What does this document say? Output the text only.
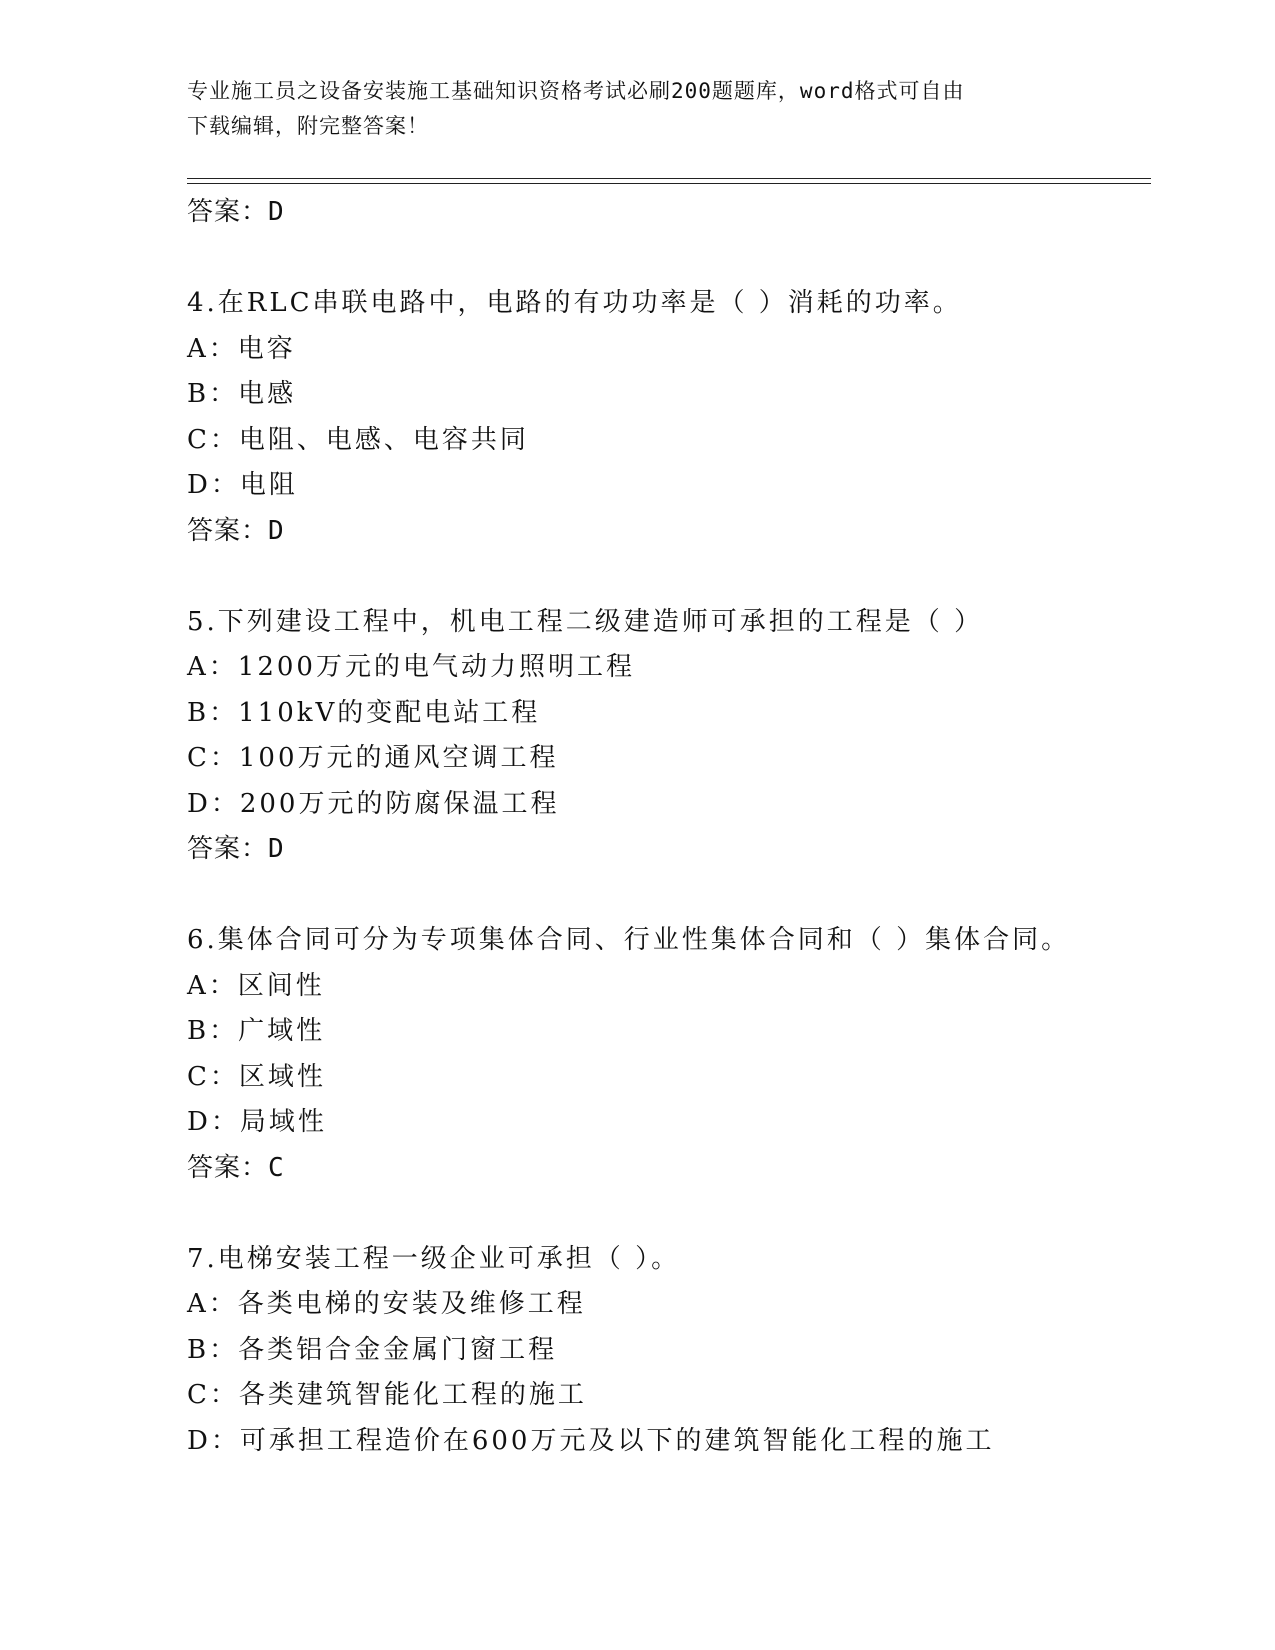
专业施工员之设备安装施工基础知识资格考试必刷200题题库，word格式可自由
下载编辑，附完整答案！
答案：D
4.在RLC串联电路中，电路的有功功率是（ ）消耗的功率。
A：电容
B：电感
C：电阻、电感、电容共同
D：电阻
答案：D
5.下列建设工程中，机电工程二级建造师可承担的工程是（ ）
A：1200万元的电气动力照明工程
B：110kV的变配电站工程
C：100万元的通风空调工程
D：200万元的防腐保温工程
答案：D
6.集体合同可分为专项集体合同、行业性集体合同和（ ）集体合同。
A：区间性
B：广域性
C：区域性
D：局域性
答案：C
7.电梯安装工程一级企业可承担（ ）。
A：各类电梯的安装及维修工程
B：各类铝合金金属门窗工程
C：各类建筑智能化工程的施工
D：可承担工程造价在600万元及以下的建筑智能化工程的施工
